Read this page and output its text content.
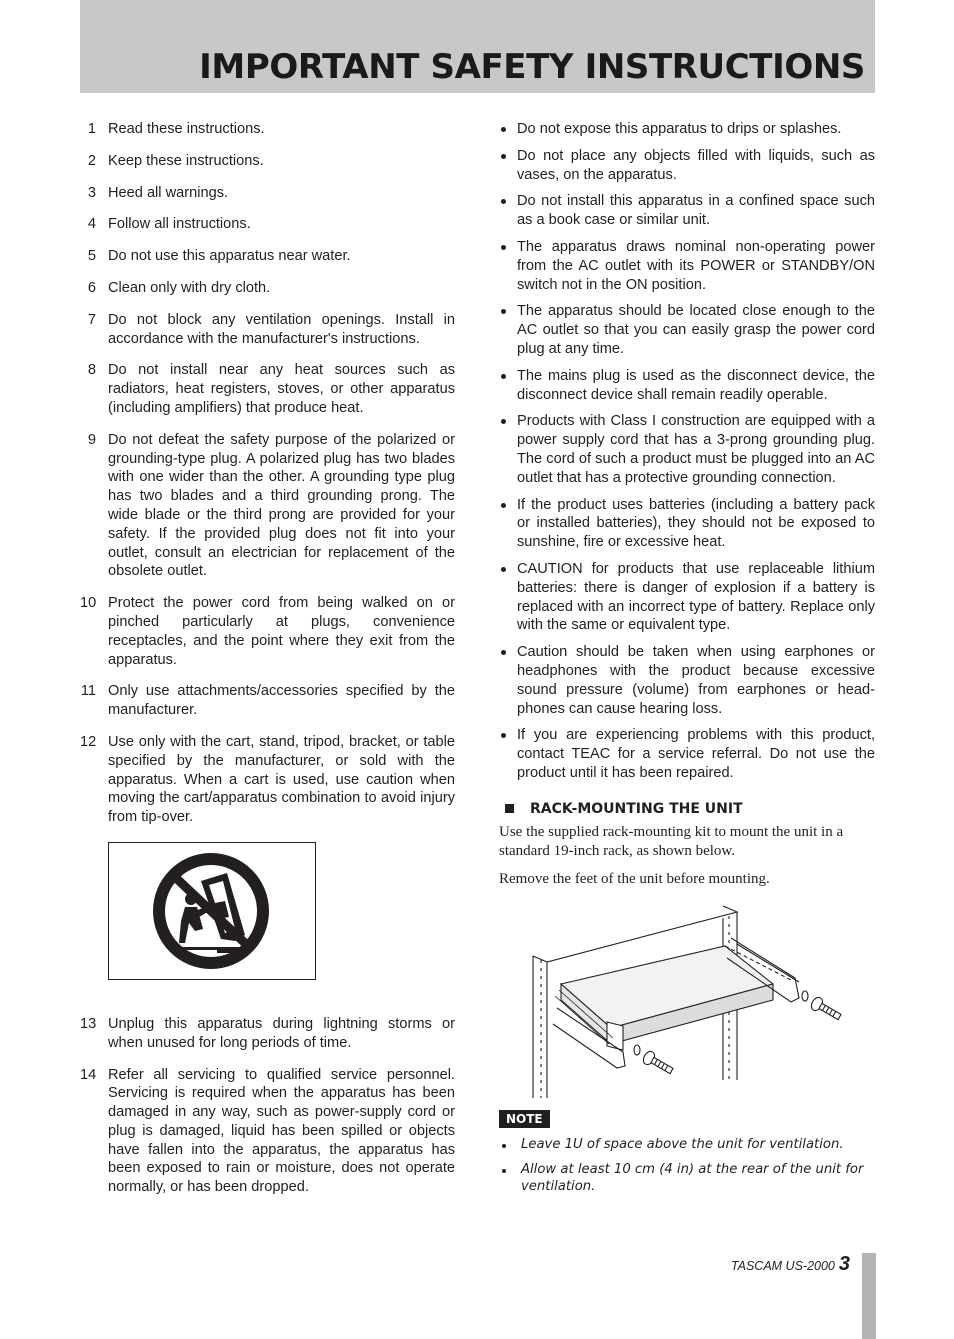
IMPORTANT SAFETY INSTRUCTIONS
1 Read these instructions.
2 Keep these instructions.
3 Heed all warnings.
4 Follow all instructions.
5 Do not use this apparatus near water.
6 Clean only with dry cloth.
7 Do not block any ventilation openings. Install in accordance with the manufacturer's instructions.
8 Do not install near any heat sources such as radiators, heat registers, stoves, or other apparatus (including amplifiers) that produce heat.
9 Do not defeat the safety purpose of the polarized or grounding-type plug. A polarized plug has two blades with one wider than the other. A grounding type plug has two blades and a third grounding prong. The wide blade or the third prong are provided for your safety. If the provided plug does not fit into your outlet, consult an electrician for replacement of the obsolete outlet.
10 Protect the power cord from being walked on or pinched particularly at plugs, convenience receptacles, and the point where they exit from the apparatus.
11 Only use attachments/accessories specified by the manufacturer.
12 Use only with the cart, stand, tripod, bracket, or table specified by the manufacturer, or sold with the apparatus. When a cart is used, use caution when moving the cart/apparatus combination to avoid injury from tip-over.
13 Unplug this apparatus during lightning storms or when unused for long periods of time.
14 Refer all servicing to qualified service personnel. Servicing is required when the apparatus has been damaged in any way, such as power-supply cord or plug is damaged, liquid has been spilled or objects have fallen into the apparatus, the apparatus has been exposed to rain or moisture, does not operate normally, or has been dropped.
Do not expose this apparatus to drips or splashes.
Do not place any objects filled with liquids, such as vases, on the apparatus.
Do not install this apparatus in a confined space such as a book case or similar unit.
The apparatus draws nominal non-operating power from the AC outlet with its POWER or STANDBY/ON switch not in the ON position.
The apparatus should be located close enough to the AC outlet so that you can easily grasp the power cord plug at any time.
The mains plug is used as the disconnect device, the disconnect device shall remain readily operable.
Products with Class I construction are equipped with a power supply cord that has a 3-prong grounding plug. The cord of such a product must be plugged into an AC outlet that has a protective grounding connection.
If the product uses batteries (including a battery pack or installed batteries), they should not be exposed to sunshine, fire or excessive heat.
CAUTION for products that use replaceable lithium batteries: there is danger of explosion if a battery is replaced with an incorrect type of battery. Replace only with the same or equivalent type.
Caution should be taken when using earphones or headphones with the product because excessive sound pressure (volume) from earphones or head-phones can cause hearing loss.
If you are experiencing problems with this product, contact TEAC for a service referral. Do not use the product until it has been repaired.
RACK-MOUNTING THE UNIT

Use the supplied rack-mounting kit to mount the unit in a standard 19-inch rack, as shown below.

Remove the feet of the unit before mounting.

NOTE
Leave 1U of space above the unit for ventilation.
Allow at least 10 cm (4 in) at the rear of the unit for ventilation.
TASCAM US-2000 3
